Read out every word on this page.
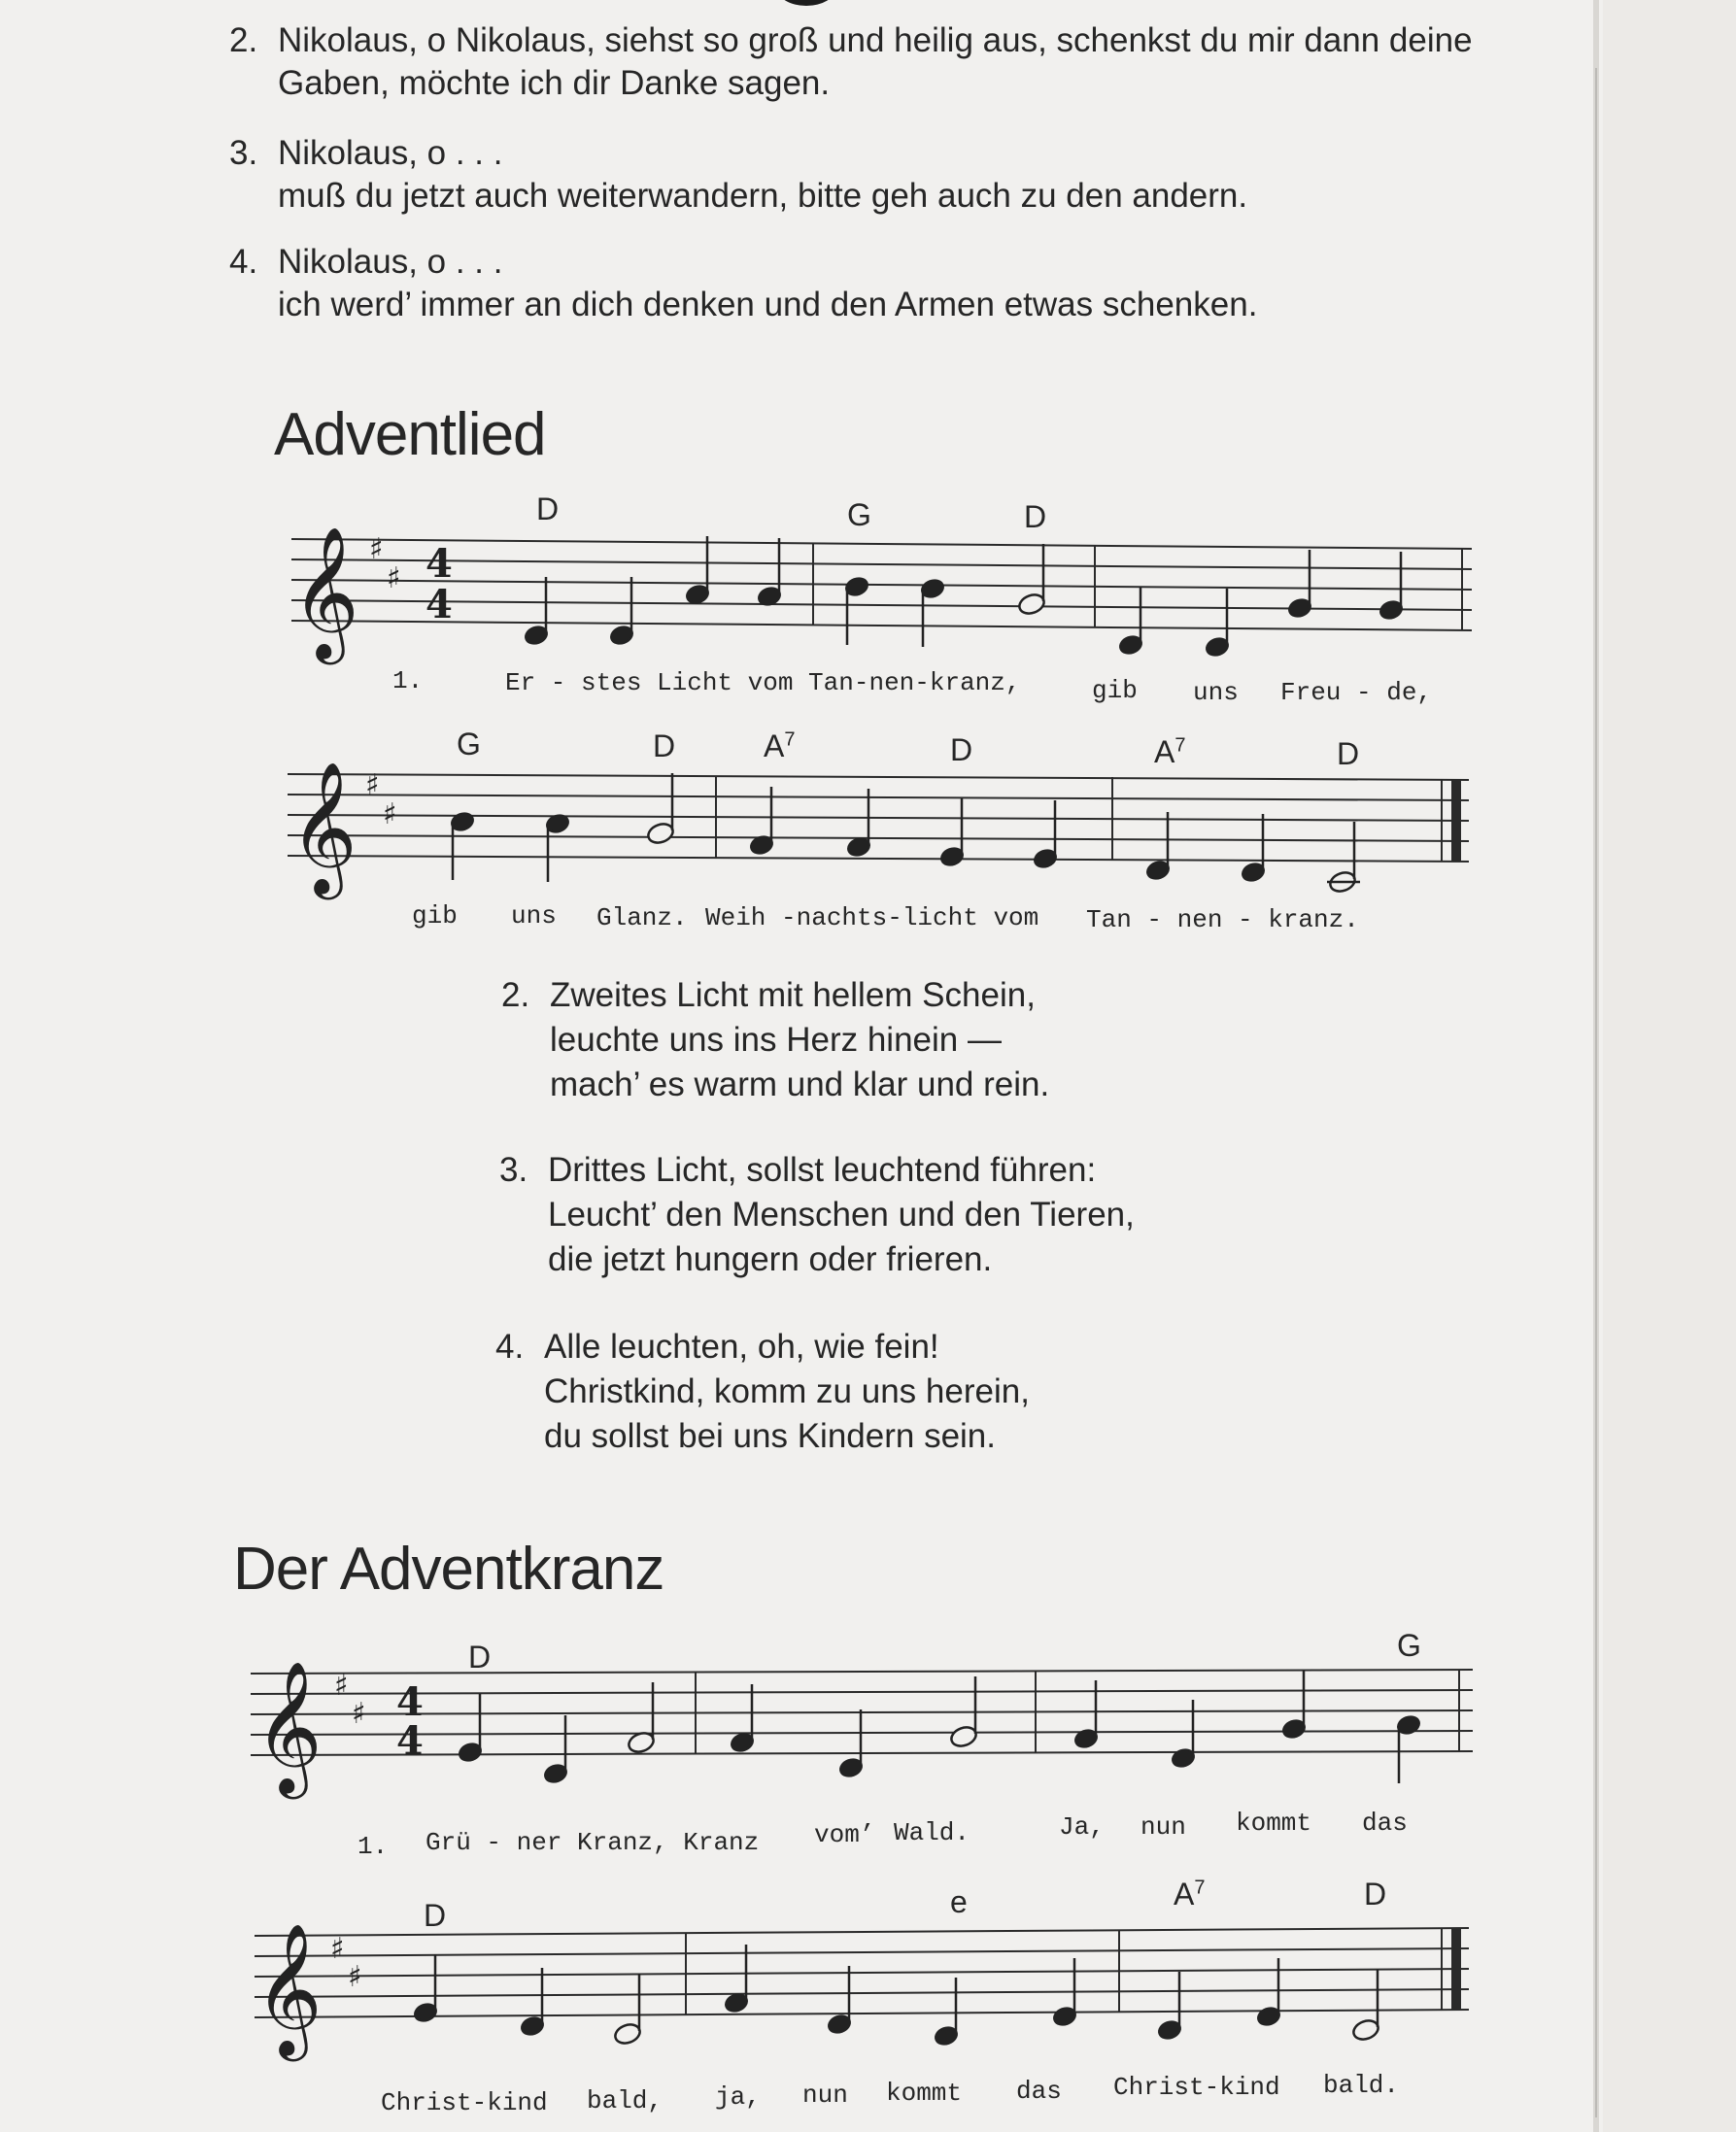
2. Nikolaus, o Nikolaus, siehst so groß und heilig aus, schenkst du mir dann deine
Gaben, möchte ich dir Danke sagen.
3. Nikolaus, o . . .
muß du jetzt auch weiterwandern, bitte geh auch zu den andern.
4. Nikolaus, o . . .
ich werd’ immer an dich denken und den Armen etwas schenken.
Adventlied
D	G	D
𝄞 ♯
♯ 4
4
𝄞 ♯
♯
𝄞 ♯
♯ 4
4
𝄞 ♯
♯
1.	Er - stes Licht vom Tan-nen-kranz,	gib uns Freu - de,
G	D	$A^7$	D	$A^7$	D
gib uns Glanz. Weih -nachts-licht vom Tan - nen - kranz.
2. Zweites Licht mit hellem Schein,
leuchte uns ins Herz hinein —
mach’ es warm und klar und rein.
3. Drittes Licht, sollst leuchtend führen:
Leucht’ den Menschen und den Tieren,
die jetzt hungern oder frieren.
4. Alle leuchten, oh, wie fein!
Christkind, komm zu uns herein,
du sollst bei uns Kindern sein.
Der Adventkranz
D	G
1. Grü - ner Kranz, Kranz vom’ Wald.	Ja, nun kommt das
D	e	$A^7$	D
Christ-kind bald, ja, nun kommt das Christ-kind bald.
